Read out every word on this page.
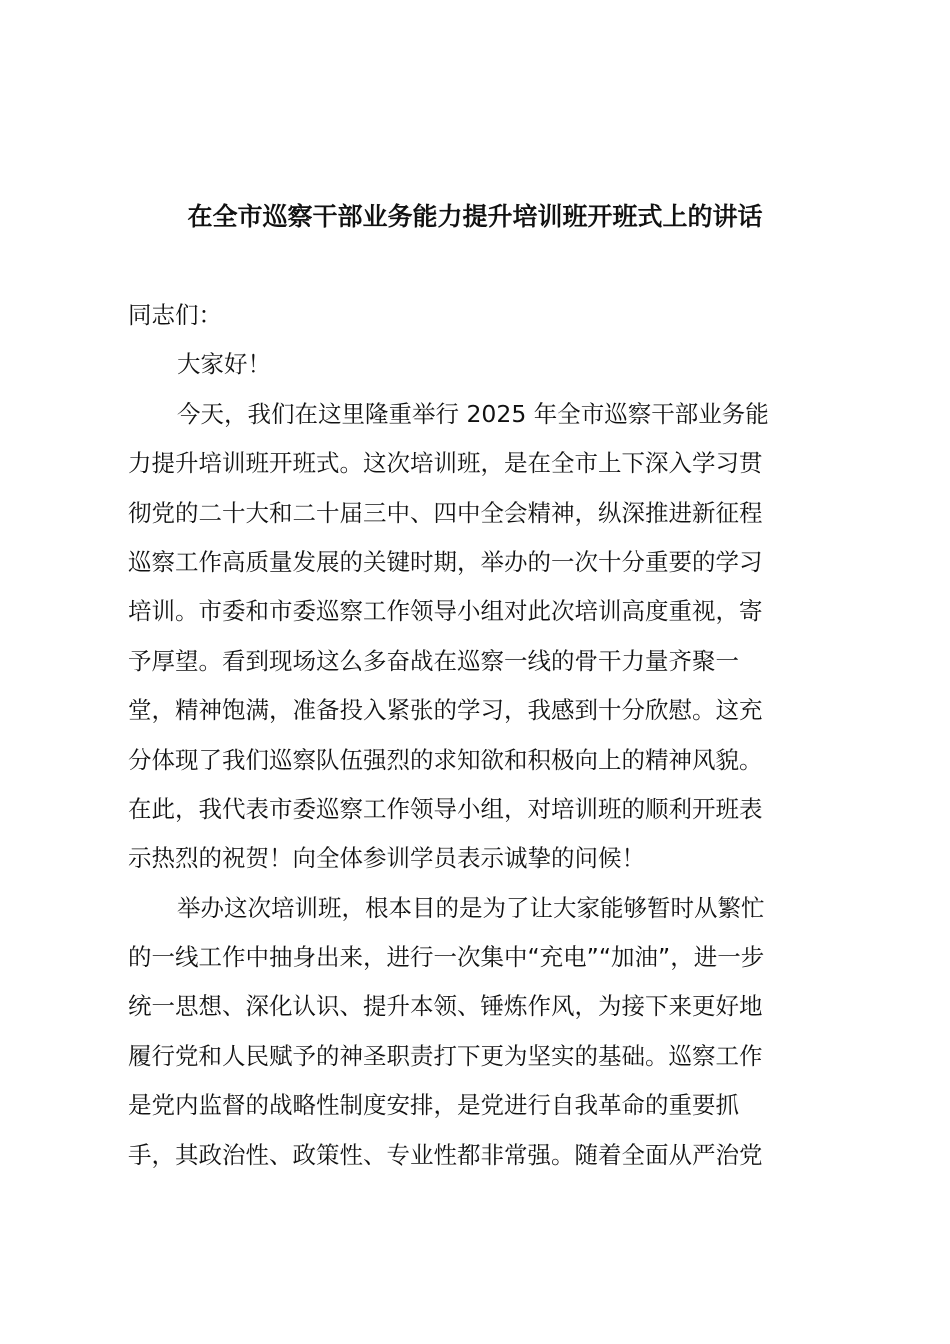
在全市巡察干部业务能力提升培训班开班式上的讲话
同志们：
大家好！
今天，我们在这里隆重举行 2025 年全市巡察干部业务能
力提升培训班开班式。这次培训班，是在全市上下深入学习贯
彻党的二十大和二十届三中、四中全会精神，纵深推进新征程
巡察工作高质量发展的关键时期，举办的一次十分重要的学习
培训。市委和市委巡察工作领导小组对此次培训高度重视，寄
予厚望。看到现场这么多奋战在巡察一线的骨干力量齐聚一
堂，精神饱满，准备投入紧张的学习，我感到十分欣慰。这充
分体现了我们巡察队伍强烈的求知欲和积极向上的精神风貌。
在此，我代表市委巡察工作领导小组，对培训班的顺利开班表
示热烈的祝贺！向全体参训学员表示诚挚的问候！
举办这次培训班，根本目的是为了让大家能够暂时从繁忙
的一线工作中抽身出来，进行一次集中“充电”“加油”，进一步
统一思想、深化认识、提升本领、锤炼作风，为接下来更好地
履行党和人民赋予的神圣职责打下更为坚实的基础。巡察工作
是党内监督的战略性制度安排，是党进行自我革命的重要抓
手，其政治性、政策性、专业性都非常强。随着全面从严治党
